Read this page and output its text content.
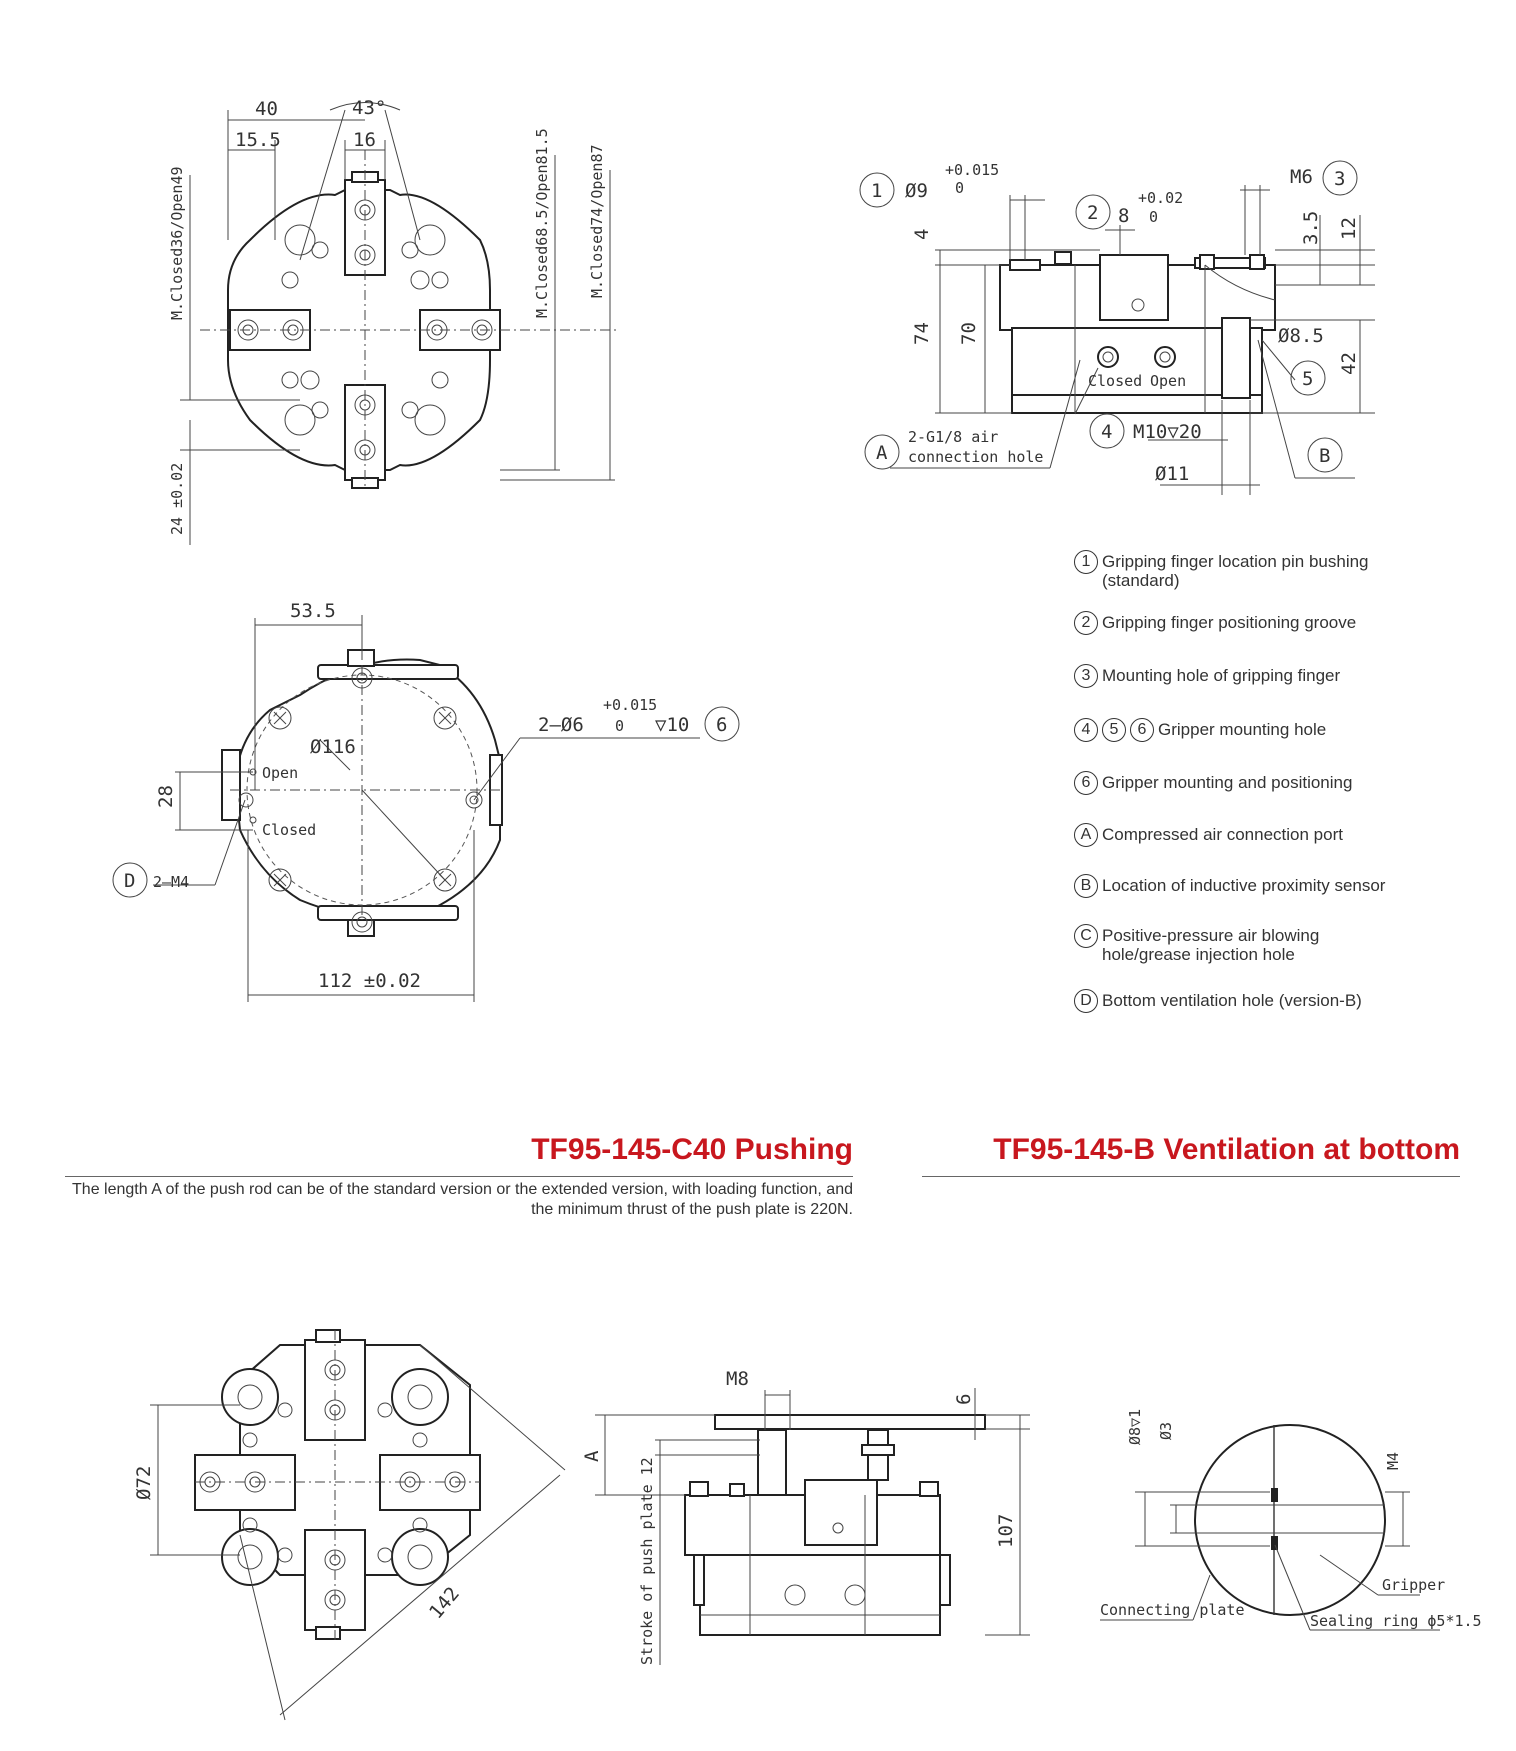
40
15.5	16
43°
M.Closed36/Open49	M.Closed68.5/Open81.5 M.Closed74/Open87
24 ±0.02
53.5
Ø116
28
112 ±0.02
Open
Closed
2—M4
D
2—Ø6
+0.015
0 ▽10 6
1 Ø9
+0.015
0
2 8
+0.02
0
M6 3
3.5 12
4
74 70	Ø8.5
5
42
Closed Open
4 M10▽20
Ø11
A
2-G1/8 air
connection hole	B
Ø72
142
M8
6
A
Stroke of push plate 12	107
Ø8▽1 Ø3
M4
Gripper
Connecting plate
Sealing ring ϕ5*1.5
1 Gripping finger location pin bushing (standard)
2 Gripping finger positioning groove
3 Mounting hole of gripping finger
4	5	6 Gripper mounting hole
6 Gripper mounting and positioning
A Compressed air connection port
B Location of inductive proximity sensor
C Positive-pressure air blowing hole/grease injection hole
D Bottom ventilation hole (version-B)
TF95-145-C40 Pushing
The length A of the push rod can be of the standard version or the extended version, with loading function, and the minimum thrust of the push plate is 220N.
TF95-145-B Ventilation at bottom
